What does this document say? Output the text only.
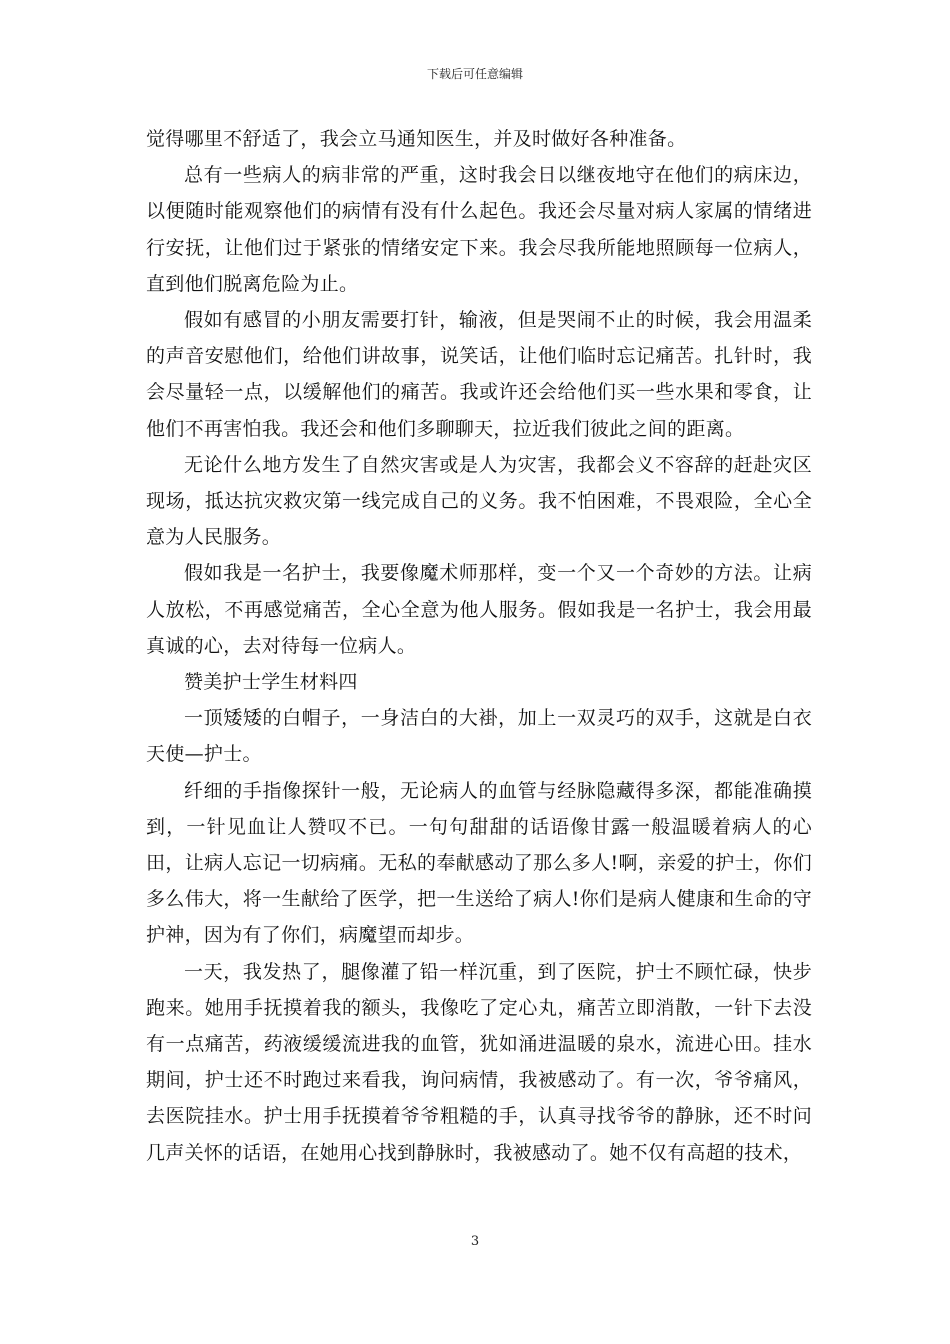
下载后可任意编辑

觉得哪里不舒适了，我会立马通知医生，并及时做好各种准备。

总有一些病人的病非常的严重，这时我会日以继夜地守在他们的病床边，以便随时能观察他们的病情有没有什么起色。我还会尽量对病人家属的情绪进行安抚，让他们过于紧张的情绪安定下来。我会尽我所能地照顾每一位病人，直到他们脱离危险为止。

假如有感冒的小朋友需要打针，输液，但是哭闹不止的时候，我会用温柔的声音安慰他们，给他们讲故事，说笑话，让他们临时忘记痛苦。扎针时，我会尽量轻一点，以缓解他们的痛苦。我或许还会给他们买一些水果和零食，让他们不再害怕我。我还会和他们多聊聊天，拉近我们彼此之间的距离。

无论什么地方发生了自然灾害或是人为灾害，我都会义不容辞的赶赴灾区现场，抵达抗灾救灾第一线完成自己的义务。我不怕困难，不畏艰险，全心全意为人民服务。

假如我是一名护士，我要像魔术师那样，变一个又一个奇妙的方法。让病人放松，不再感觉痛苦，全心全意为他人服务。假如我是一名护士，我会用最真诚的心，去对待每一位病人。

赞美护士学生材料四

一顶矮矮的白帽子，一身洁白的大褂，加上一双灵巧的双手，这就是白衣天使—护士。

纤细的手指像探针一般，无论病人的血管与经脉隐藏得多深，都能准确摸到，一针见血让人赞叹不已。一句句甜甜的话语像甘露一般温暖着病人的心田，让病人忘记一切病痛。无私的奉献感动了那么多人!啊，亲爱的护士，你们多么伟大，将一生献给了医学，把一生送给了病人!你们是病人健康和生命的守护神，因为有了你们，病魔望而却步。

一天，我发热了，腿像灌了铅一样沉重，到了医院，护士不顾忙碌，快步跑来。她用手抚摸着我的额头，我像吃了定心丸，痛苦立即消散，一针下去没有一点痛苦，药液缓缓流进我的血管，犹如涌进温暖的泉水，流进心田。挂水期间，护士还不时跑过来看我，询问病情，我被感动了。有一次，爷爷痛风，去医院挂水。护士用手抚摸着爷爷粗糙的手，认真寻找爷爷的静脉，还不时问几声关怀的话语，在她用心找到静脉时，我被感动了。她不仅有高超的技术，

3
